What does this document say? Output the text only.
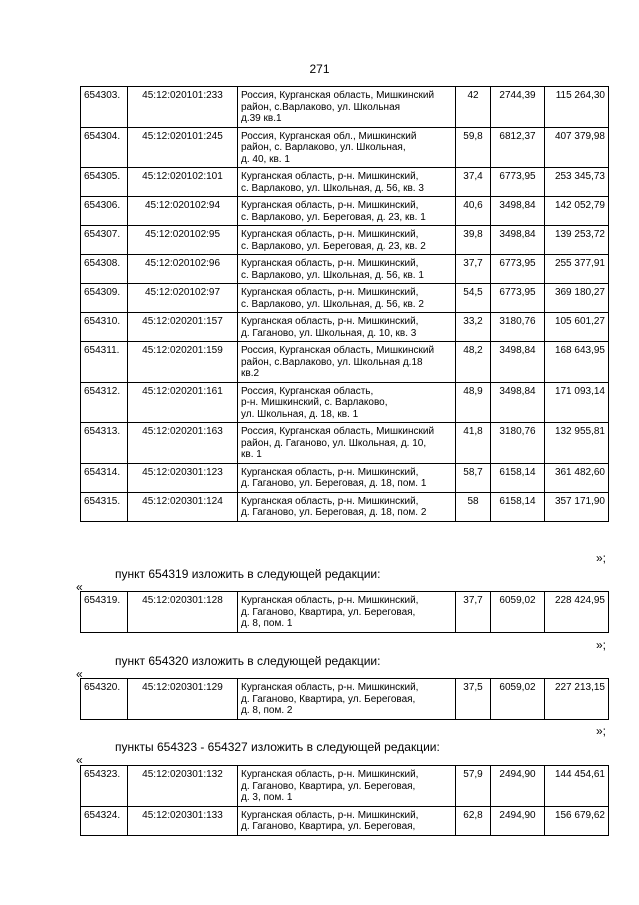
271
654303.	45:12:020101:233	Россия, Курганская область, Мишкинский
район, с.Варлаково, ул. Школьная
д.39 кв.1	42	2744,39	115 264,30
654304.	45:12:020101:245	Россия, Курганская обл., Мишкинский
район, с. Варлаково, ул. Школьная,
д. 40, кв. 1	59,8	6812,37	407 379,98
654305.	45:12:020102:101	Курганская область, р-н. Мишкинский,
с. Варлаково, ул. Школьная, д. 56, кв. 3	37,4	6773,95	253 345,73
654306.	45:12:020102:94	Курганская область, р-н. Мишкинский,
с. Варлаково, ул. Береговая, д. 23, кв. 1	40,6	3498,84	142 052,79
654307.	45:12:020102:95	Курганская область, р-н. Мишкинский,
с. Варлаково, ул. Береговая, д. 23, кв. 2	39,8	3498,84	139 253,72
654308.	45:12:020102:96	Курганская область, р-н. Мишкинский,
с. Варлаково, ул. Школьная, д. 56, кв. 1	37,7	6773,95	255 377,91
654309.	45:12:020102:97	Курганская область, р-н. Мишкинский,
с. Варлаково, ул. Школьная, д. 56, кв. 2	54,5	6773,95	369 180,27
654310.	45:12:020201:157	Курганская область, р-н. Мишкинский,
д. Гаганово, ул. Школьная, д. 10, кв. 3	33,2	3180,76	105 601,27
654311.	45:12:020201:159	Россия, Курганская область, Мишкинский
район, с.Варлаково, ул. Школьная д.18
кв.2	48,2	3498,84	168 643,95
654312.	45:12:020201:161	Россия, Курганская область,
р-н. Мишкинский, с. Варлаково,
ул. Школьная, д. 18, кв. 1	48,9	3498,84	171 093,14
654313.	45:12:020201:163	Россия, Курганская область, Мишкинский
район, д. Гаганово, ул. Школьная, д. 10,
кв. 1	41,8	3180,76	132 955,81
654314.	45:12:020301:123	Курганская область, р-н. Мишкинский,
д. Гаганово, ул. Береговая, д. 18, пом. 1	58,7	6158,14	361 482,60
654315.	45:12:020301:124	Курганская область, р-н. Мишкинский,
д. Гаганово, ул. Береговая, д. 18, пом. 2	58	6158,14	357 171,90
»;
пункт 654319 изложить в следующей редакции:
«
654319.	45:12:020301:128	Курганская область, р-н. Мишкинский,
д. Гаганово, Квартира, ул. Береговая,
д. 8, пом. 1
	37,7	6059,02	228 424,95
»;
пункт 654320 изложить в следующей редакции:
«
654320.	45:12:020301:129	Курганская область, р-н. Мишкинский,
д. Гаганово, Квартира, ул. Береговая,
д. 8, пом. 2
	37,5	6059,02	227 213,15
»;
пункты 654323 - 654327 изложить в следующей редакции:
«
654323.	45:12:020301:132	Курганская область, р-н. Мишкинский,
д. Гаганово, Квартира, ул. Береговая,
д. 3, пом. 1	57,9	2494,90	144 454,61
654324.	45:12:020301:133	Курганская область, р-н. Мишкинский,
д. Гаганово, Квартира, ул. Береговая,	62,8	2494,90	156 679,62
